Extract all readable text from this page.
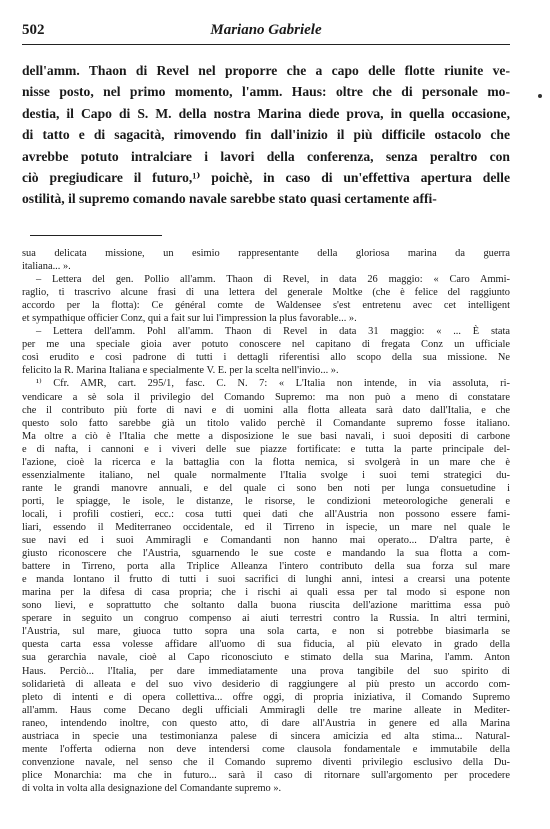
502	Mariano Gabriele
dell'amm. Thaon di Revel nel proporre che a capo delle flotte riunite ve-
nisse posto, nel primo momento, l'amm. Haus: oltre che di personale mo-
destia, il Capo di S. M. della nostra Marina diede prova, in quella occasione,
di tatto e di sagacità, rimovendo fin dall'inizio il più difficile ostacolo che
avrebbe potuto intralciare i lavori della conferenza, senza peraltro con
ciò pregiudicare il futuro,¹⁾ poichè, in caso di un'effettiva apertura delle
ostilità, il supremo comando navale sarebbe stato quasi certamente affi-
sua delicata missione, un esimio rappresentante della gloriosa marina da guerra
italiana... ».
– Lettera del gen. Pollio all'amm. Thaon di Revel, in data 26 maggio: « Caro Ammi-
raglio, ti trascrivo alcune frasi di una lettera del generale Moltke (che è felice del raggiunto
accordo per la flotta): Ce général comte de Waldensee s'est entretenu avec cet intelligent
et sympathique officier Conz, qui a fait sur lui l'impression la plus favorable... ».
– Lettera dell'amm. Pohl all'amm. Thaon di Revel in data 31 maggio: « ... È stata
per me una speciale gioia aver potuto conoscere nel capitano di fregata Conz un ufficiale
così erudito e così padrone di tutti i dettagli riferentisi allo scopo della sua missione. Ne
felicito la R. Marina Italiana e specialmente V. E. per la scelta nell'invio... ».
¹⁾ Cfr. AMR, cart. 295/1, fasc. C. N. 7: « L'Italia non intende, in via assoluta, ri-
vendicare a sè sola il privilegio del Comando Supremo: ma non può a meno di constatare
che il contributo più forte di navi e di uomini alla flotta alleata sarà dato dall'Italia, e che
questo solo fatto sarebbe già un titolo valido perchè il Comandante supremo fosse italiano.
Ma oltre a ciò è l'Italia che mette a disposizione le sue basi navali, i suoi depositi di carbone
e di nafta, i cannoni e i viveri delle sue piazze fortificate: e tutta la parte principale del-
l'azione, cioè la ricerca e la battaglia con la flotta nemica, si svolgerà in un mare che è
essenzialmente italiano, nel quale normalmente l'Italia svolge i suoi temi strategici du-
rante le grandi manovre annuali, e del quale ci sono ben noti per lunga consuetudine i
porti, le spiagge, le isole, le distanze, le risorse, le condizioni meteorologiche generali e
locali, i profili costieri, ecc.: cosa tutti quei dati che all'Austria non possono essere fami-
liari, essendo il Mediterraneo occidentale, ed il Tirreno in ispecie, un mare nel quale le
sue navi ed i suoi Ammiragli e Comandanti non hanno mai operato... D'altra parte, è
giusto riconoscere che l'Austria, sguarnendo le sue coste e mandando la sua flotta a com-
battere in Tirreno, porta alla Triplice Alleanza l'intero contributo della sua forza sul mare
e manda lontano il frutto di tutti i suoi sacrifici di lunghi anni, intesi a crearsi una potente
marina per la difesa di casa propria; che i rischi ai quali essa per tal modo si espone non
sono lievi, e soprattutto che soltanto dalla buona riuscita dell'azione marittima essa può
sperare in seguito un congruo compenso ai aiuti terrestri contro la Russia. In altri termini,
l'Austria, sul mare, giuoca tutto sopra una sola carta, e non si potrebbe biasimarla se
questa carta essa volesse affidare all'uomo di sua fiducia, al più elevato in grado della
sua gerarchia navale, cioè al Capo riconosciuto e stimato della sua Marina, l'amm. Anton
Haus. Perciò... l'Italia, per dare immediatamente una prova tangibile del suo spirito di
solidarietà di alleata e del suo vivo desiderio di raggiungere al più presto un accordo com-
pleto di intenti e di opera collettiva... offre oggi, di propria iniziativa, il Comando Supremo
all'amm. Haus come Decano degli ufficiali Ammiragli delle tre marine alleate in Mediter-
raneo, intendendo inoltre, con questo atto, di dare all'Austria in genere ed alla Marina
austriaca in specie una testimonianza palese di sincera amicizia ed alta stima... Natural-
mente l'offerta odierna non deve intendersi come clausola fondamentale e immutabile della
convenzione navale, nel senso che il Comando supremo diventi privilegio esclusivo della Du-
plice Monarchia: ma che in futuro... sarà il caso di ritornare sull'argomento per procedere
di volta in volta alla designazione del Comandante supremo ».
